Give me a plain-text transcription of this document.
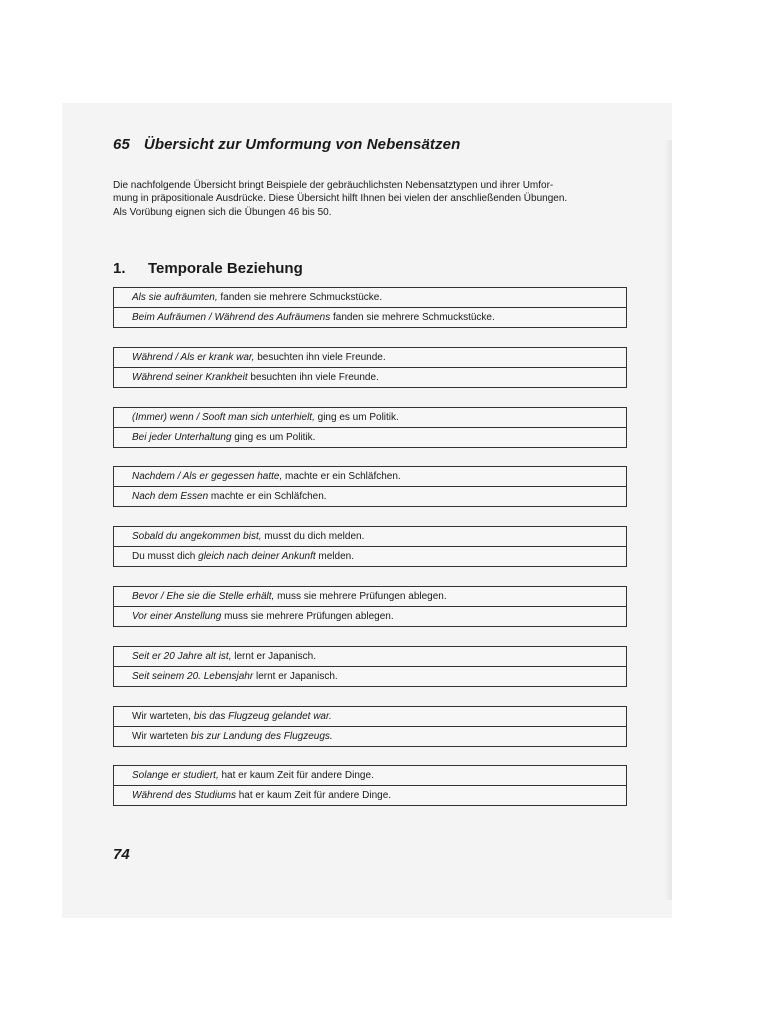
65 Übersicht zur Umformung von Nebensätzen

Die nachfolgende Übersicht bringt Beispiele der gebräuchlichsten Nebensatztypen und ihrer Umfor-
mung in präpositionale Ausdrücke. Diese Übersicht hilft Ihnen bei vielen der anschließenden Übungen.
Als Vorübung eignen sich die Übungen 46 bis 50.

1. Temporale Beziehung
Als sie aufräumten, fanden sie mehrere Schmuckstücke.
Beim Aufräumen / Während des Aufräumens fanden sie mehrere Schmuckstücke.
Während / Als er krank war, besuchten ihn viele Freunde.
Während seiner Krankheit besuchten ihn viele Freunde.
(Immer) wenn / Sooft man sich unterhielt, ging es um Politik.
Bei jeder Unterhaltung ging es um Politik.
Nachdem / Als er gegessen hatte, machte er ein Schläfchen.
Nach dem Essen machte er ein Schläfchen.
Sobald du angekommen bist, musst du dich melden.
Du musst dich gleich nach deiner Ankunft melden.
Bevor / Ehe sie die Stelle erhält, muss sie mehrere Prüfungen ablegen.
Vor einer Anstellung muss sie mehrere Prüfungen ablegen.
Seit er 20 Jahre alt ist, lernt er Japanisch.
Seit seinem 20. Lebensjahr lernt er Japanisch.
Wir warteten, bis das Flugzeug gelandet war.
Wir warteten bis zur Landung des Flugzeugs.
Solange er studiert, hat er kaum Zeit für andere Dinge.
Während des Studiums hat er kaum Zeit für andere Dinge.
74
